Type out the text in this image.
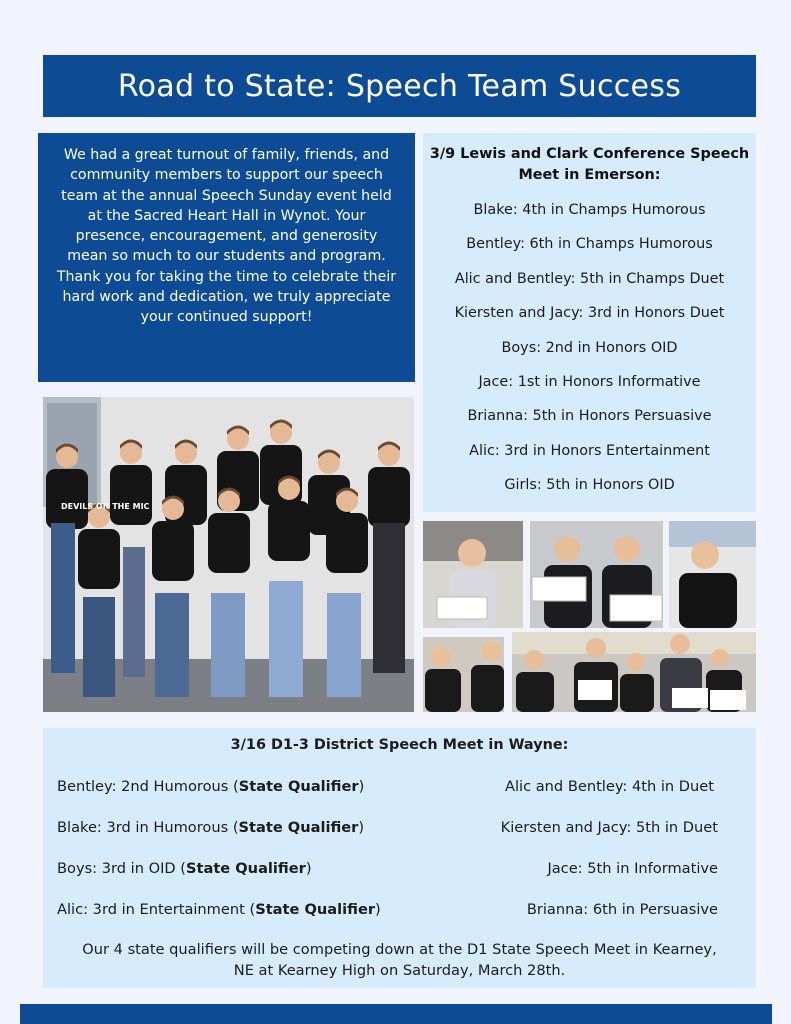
Road to State: Speech Team Success
We had a great turnout of family, friends, and community members to support our speech team at the annual Speech Sunday event held at the Sacred Heart Hall in Wynot. Your presence, encouragement, and generosity mean so much to our students and program. Thank you for taking the time to celebrate their hard work and dedication, we truly appreciate your continued support!
3/9 Lewis and Clark Conference Speech Meet in Emerson:
Blake: 4th in Champs Humorous
Bentley: 6th in Champs Humorous
Alic and Bentley: 5th in Champs Duet
Kiersten and Jacy: 3rd in Honors Duet
Boys: 2nd in Honors OID
Jace: 1st in Honors Informative
Brianna: 5th in Honors Persuasive
Alic: 3rd in Honors Entertainment
Girls: 5th in Honors OID
DEVILS ON THE MIC
3/16 D1-3 District Speech Meet in Wayne:
Bentley: 2nd Humorous (State Qualifier)	Alic and Bentley: 4th in Duet
Blake: 3rd in Humorous (State Qualifier)	Kiersten and Jacy: 5th in Duet
Boys: 3rd in OID (State Qualifier)	Jace: 5th in Informative
Alic: 3rd in Entertainment (State Qualifier)	Brianna: 6th in Persuasive
Our 4 state qualifiers will be competing down at the D1 State Speech Meet in Kearney, NE at Kearney High on Saturday, March 28th.
